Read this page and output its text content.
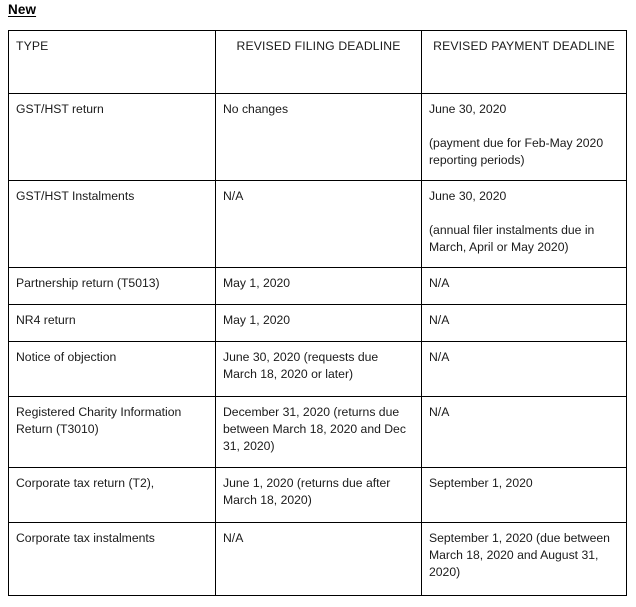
New
TYPE	REVISED FILING DEADLINE	REVISED PAYMENT DEADLINE
GST/HST return	No changes	June 30, 2020
(payment due for Feb-May 2020 reporting periods)

GST/HST Instalments	N/A	June 30, 2020
(annual filer instalments due in March, April or May 2020)

Partnership return (T5013)	May 1, 2020	N/A
NR4 return	May 1, 2020	N/A
Notice of objection	June 30, 2020 (requests due March 18, 2020 or later)	N/A
Registered Charity Information Return (T3010)	December 31, 2020 (returns due between March 18, 2020 and Dec 31, 2020)	N/A
Corporate tax return (T2),	June 1, 2020 (returns due after March 18, 2020)	September 1, 2020
Corporate tax instalments	N/A	September 1, 2020 (due between March 18, 2020 and August 31, 2020)
